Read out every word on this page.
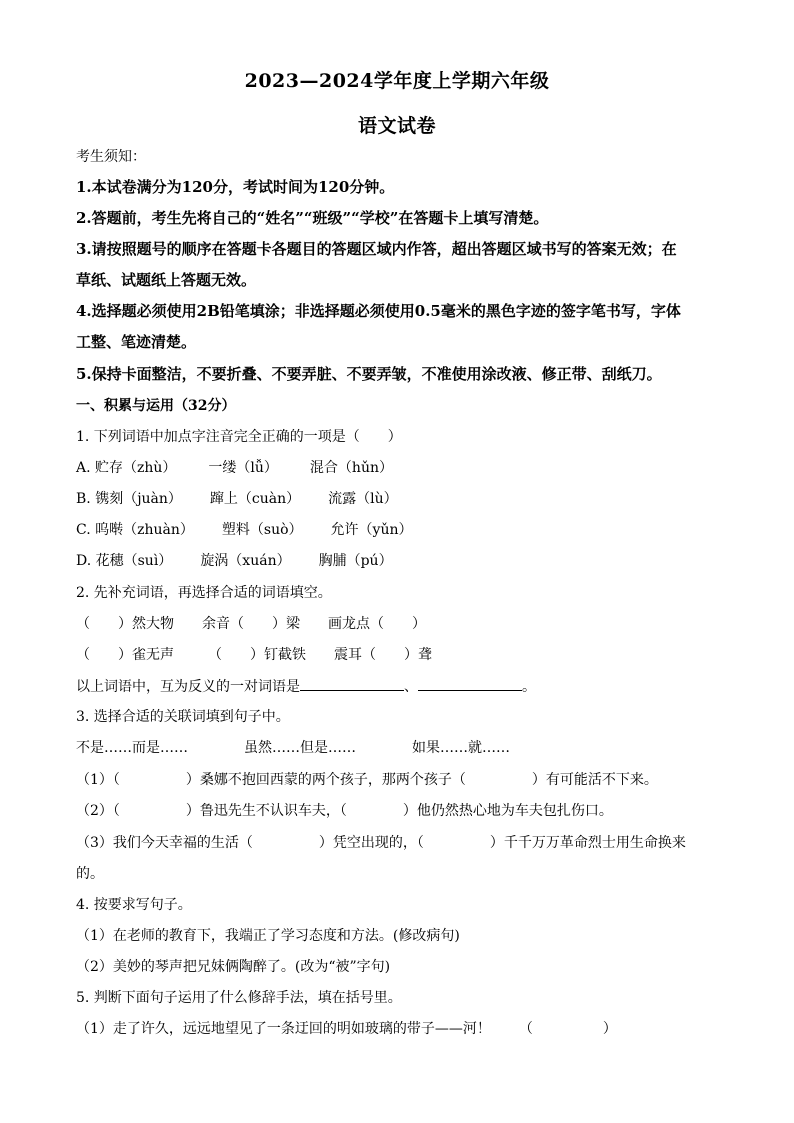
2023—2024学年度上学期六年级
语文试卷
考生须知：
1.本试卷满分为120分，考试时间为120分钟。
2.答题前，考生先将自己的“姓名”“班级”“学校”在答题卡上填写清楚。
3.请按照题号的顺序在答题卡各题目的答题区域内作答，超出答题区域书写的答案无效；在
草纸、试题纸上答题无效。
4.选择题必须使用2B铅笔填涂；非选择题必须使用0.5毫米的黑色字迹的签字笔书写，字体
工整、笔迹清楚。
5.保持卡面整洁，不要折叠、不要弄脏、不要弄皱，不准使用涂改液、修正带、刮纸刀。
一、积累与运用（32分）
1. 下列词语中加点字注音完全正确的一项是（　　）
A. 贮存（zhù） 一缕（lǚ） 混合（hǔn）
B. 镌刻（juàn） 蹿上（cuàn） 流露（lù）
C. 呜啭（zhuàn） 塑料（suò） 允许（yǔn）
D. 花穗（suì） 旋涡（xuán） 胸脯（pú）
2. 先补充词语，再选择合适的词语填空。
（　　）然大物 余音（　　）梁 画龙点（　　）
（　　）雀无声 （　　）钉截铁 震耳（　　）聋
以上词语中，互为反义的一对词语是	、	。
3. 选择合适的关联词填到句子中。
不是……而是……	虽然……但是……	如果……就……
（1）（	）桑娜不抱回西蒙的两个孩子，那两个孩子（	）有可能活不下来。
（2）（	）鲁迅先生不认识车夫，（	）他仍然热心地为车夫包扎伤口。
（3）我们今天幸福的生活（	）凭空出现的，（	）千千万万革命烈士用生命换来
的。
4. 按要求写句子。
（1）在老师的教育下，我端正了学习态度和方法。(修改病句)
（2）美妙的琴声把兄妹俩陶醉了。(改为“被”字句)
5. 判断下面句子运用了什么修辞手法，填在括号里。
（1）走了许久，远远地望见了一条迂回的明如玻璃的带子——河！ （　　　　　）
